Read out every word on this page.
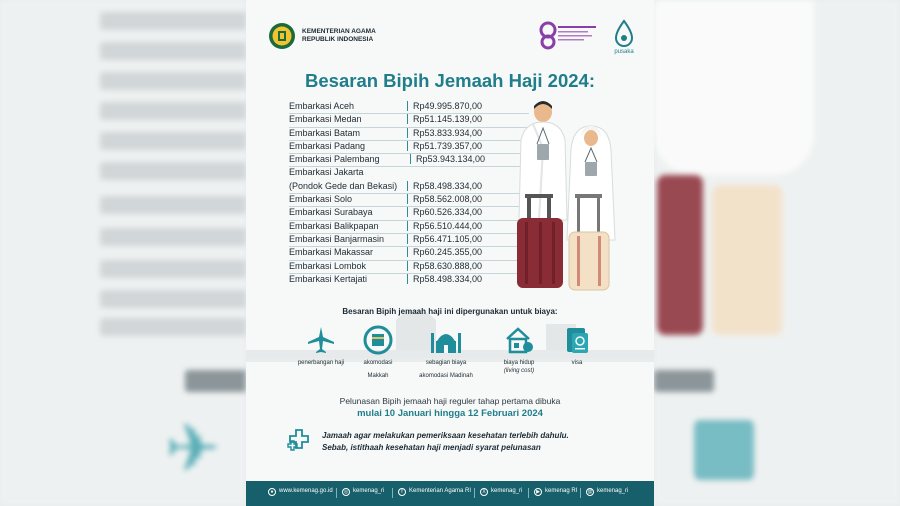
✈
KEMENTERIAN AGAMA
REPUBLIK INDONESIA
pusaka
Besaran Bipih Jemaah Haji 2024:
Embarkasi Aceh	Rp49.995.870,00
Embarkasi Medan	Rp51.145.139,00
Embarkasi Batam	Rp53.833.934,00
Embarkasi Padang	Rp51.739.357,00
Embarkasi Palembang	Rp53.943.134,00
Embarkasi Jakarta
(Pondok Gede dan Bekasi)	Rp58.498.334,00
Embarkasi Solo	Rp58.562.008,00
Embarkasi Surabaya	Rp60.526.334,00
Embarkasi Balikpapan	Rp56.510.444,00
Embarkasi Banjarmasin	Rp56.471.105,00
Embarkasi Makassar	Rp60.245.355,00
Embarkasi Lombok	Rp58.630.888,00
Embarkasi Kertajati	Rp58.498.334,00
Besaran Bipih jemaah haji ini dipergunakan untuk biaya:
penerbangan haji	akomodasi
Makkah
sebagian biaya
akomodasi Madinah
biaya hidup
(living cost)
visa
Pelunasan Bipih jemaah haji reguler tahap pertama dibuka
mulai 10 Januari hingga 12 Februari 2024
Jamaah agar melakukan pemeriksaan kesehatan terlebih dahulu.
Sebab, istithaah kesehatan haji menjadi syarat pelunasan
● www.kemenag.go.id	◎ kemenag_ri	f Kementerian Agama RI	X kemenag_ri	▶ kemenag RI @ kemenag_ri
